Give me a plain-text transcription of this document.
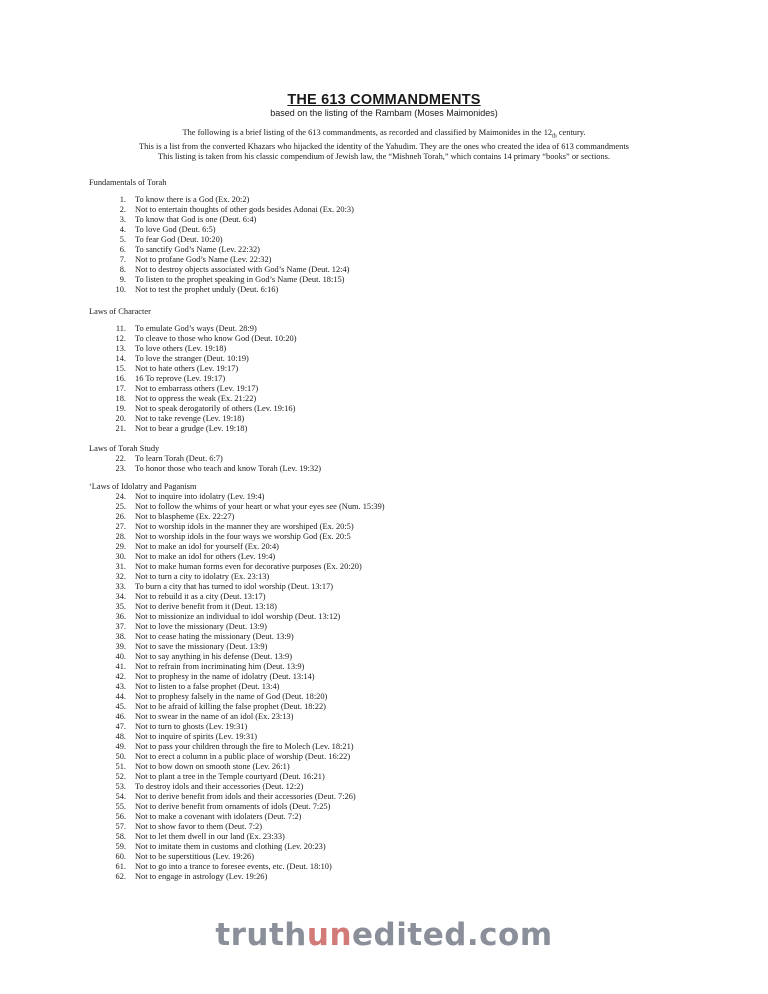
THE 613 COMMANDMENTS
based on the listing of the Rambam (Moses Maimonides)
The following is a brief listing of the 613 commandments, as recorded and classified by Maimonides in the $12_{th}$ century.
This is a list from the converted Khazars who hijacked the identity of the Yahudim. They are the ones who created the idea of 613 commandments
This listing is taken from his classic compendium of Jewish law, the “Mishneh Torah,” which contains 14 primary “books” or sections.
Fundamentals of Torah
1. To know there is a God (Ex. 20:2)
2. Not to entertain thoughts of other gods besides Adonai (Ex. 20:3)
3. To know that God is one (Deut. 6:4)
4. To love God (Deut. 6:5)
5. To fear God (Deut. 10:20)
6. To sanctify God’s Name (Lev. 22:32)
7. Not to profane God’s Name (Lev. 22:32)
8. Not to destroy objects associated with God’s Name (Deut. 12:4)
9. To listen to the prophet speaking in God’s Name (Deut. 18:15)
10. Not to test the prophet unduly (Deut. 6:16)
Laws of Character
11. To emulate God’s ways (Deut. 28:9)
12. To cleave to those who know God (Deut. 10:20)
13. To love others (Lev. 19:18)
14. To love the stranger (Deut. 10:19)
15. Not to hate others (Lev. 19:17)
16. 16 To reprove (Lev. 19:17)
17. Not to embarrass others (Lev. 19:17)
18. Not to oppress the weak (Ex. 21:22)
19. Not to speak derogatorily of others (Lev. 19:16)
20. Not to take revenge (Lev. 19:18)
21. Not to bear a grudge (Lev. 19:18)
Laws of Torah Study
22. To learn Torah (Deut. 6:7)
23. To honor those who teach and know Torah (Lev. 19:32)
‘Laws of Idolatry and Paganism
24. Not to inquire into idolatry (Lev. 19:4)
25. Not to follow the whims of your heart or what your eyes see (Num. 15:39)
26. Not to blaspheme (Ex. 22:27)
27. Not to worship idols in the manner they are worshiped (Ex. 20:5)
28. Not to worship idols in the four ways we worship God (Ex. 20:5
29. Not to make an idol for yourself (Ex. 20:4)
30. Not to make an idol for others (Lev. 19:4)
31. Not to make human forms even for decorative purposes (Ex. 20:20)
32. Not to turn a city to idolatry (Ex. 23:13)
33. To burn a city that has turned to idol worship (Deut. 13:17)
34. Not to rebuild it as a city (Deut. 13:17)
35. Not to derive benefit from it (Deut. 13:18)
36. Not to missionize an individual to idol worship (Deut. 13:12)
37. Not to love the missionary (Deut. 13:9)
38. Not to cease hating the missionary (Deut. 13:9)
39. Not to save the missionary (Deut. 13:9)
40. Not to say anything in his defense (Deut. 13:9)
41. Not to refrain from incriminating him (Deut. 13:9)
42. Not to prophesy in the name of idolatry (Deut. 13:14)
43. Not to listen to a false prophet (Deut. 13:4)
44. Not to prophesy falsely in the name of God (Deut. 18:20)
45. Not to be afraid of killing the false prophet (Deut. 18:22)
46. Not to swear in the name of an idol (Ex. 23:13)
47. Not to turn to ghosts (Lev. 19:31)
48. Not to inquire of spirits (Lev. 19:31)
49. Not to pass your children through the fire to Molech (Lev. 18:21)
50. Not to erect a column in a public place of worship (Deut. 16:22)
51. Not to bow down on smooth stone (Lev. 26:1)
52. Not to plant a tree in the Temple courtyard (Deut. 16:21)
53. To destroy idols and their accessories (Deut. 12:2)
54. Not to derive benefit from idols and their accessories (Deut. 7:26)
55. Not to derive benefit from ornaments of idols (Deut. 7:25)
56. Not to make a covenant with idolaters (Deut. 7:2)
57. Not to show favor to them (Deut. 7:2)
58. Not to let them dwell in our land (Ex. 23:33)
59. Not to imitate them in customs and clothing (Lev. 20:23)
60. Not to be superstitious (Lev. 19:26)
61. Not to go into a trance to foresee events, etc. (Deut. 18:10)
62. Not to engage in astrology (Lev. 19:26)
truthunedited.com
